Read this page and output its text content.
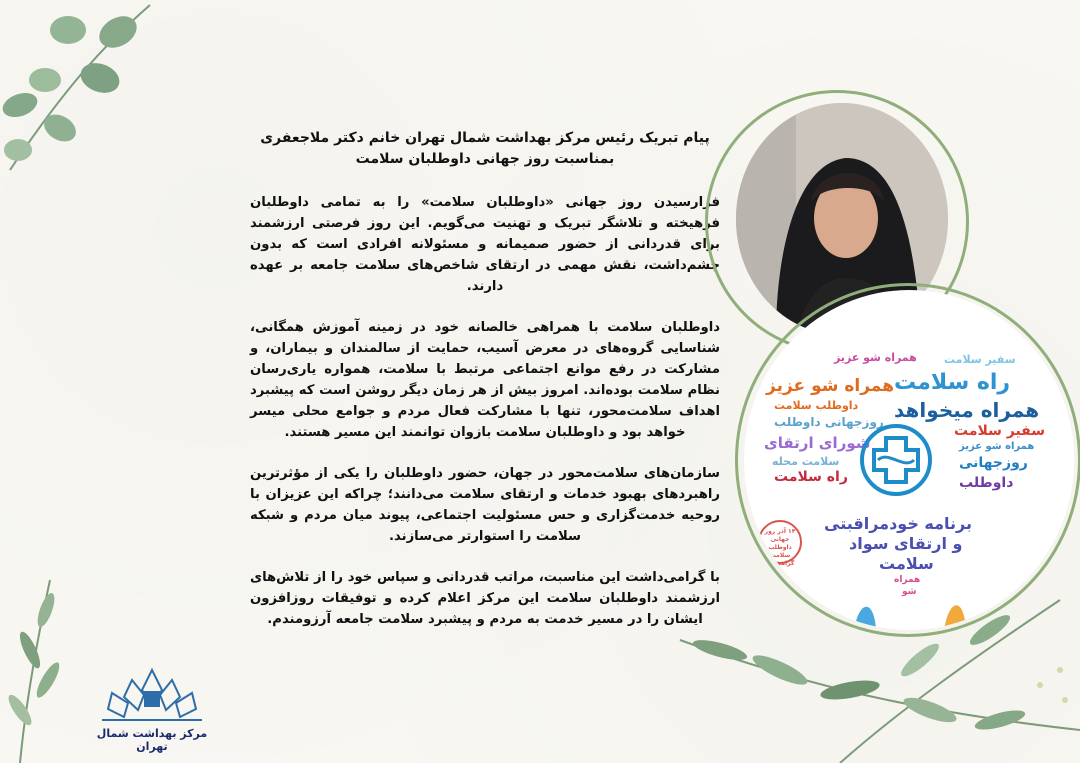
پیام تبریک رئیس مرکز بهداشت شمال تهران خانم دکتر ملاجعفری

بمناسبت روز جهانی داوطلبان سلامت

فرارسیدن روز جهانی «داوطلبان سلامت» را به تمامی داوطلبان فرهیخته و تلاشگر تبریک و تهنیت می‌گویم. این روز فرصتی ارزشمند برای قدردانی از حضور صمیمانه و مسئولانه افرادی است که بدون چشم‌داشت، نقش مهمی در ارتقای شاخص‌های سلامت جامعه بر عهده دارند.

داوطلبان سلامت با همراهی خالصانه خود در زمینه آموزش همگانی، شناسایی گروه‌های در معرض آسیب، حمایت از سالمندان و بیماران، و مشارکت در رفع موانع اجتماعی مرتبط با سلامت، همواره یاری‌رسان نظام سلامت بوده‌اند. امروز بیش از هر زمان دیگر روشن است که پیشبرد اهداف سلامت‌محور، تنها با مشارکت فعال مردم و جوامع محلی میسر خواهد بود و داوطلبان سلامت بازوان توانمند این مسیر هستند.

سازمان‌های سلامت‌محور در جهان، حضور داوطلبان را یکی از مؤثرترین راهبردهای بهبود خدمات و ارتقای سلامت می‌دانند؛ چراکه این عزیزان با روحیه خدمت‌گزاری و حس مسئولیت اجتماعی، پیوند میان مردم و شبکه سلامت را استوارتر می‌سازند.

با گرامی‌داشت این مناسبت، مراتب قدردانی و سپاس خود را از تلاش‌های ارزشمند داوطلبان سلامت این مرکز اعلام کرده و توفیقات روزافزون ایشان را در مسیر خدمت به مردم و پیشبرد سلامت جامعه آرزومندم.

سفیر سلامت
همراه شو عزیز
راه سلامت
همراه شو عزیز
همراه میخواهد
داوطلب سلامت
روزجهانی داوطلب
سفیر سلامت
شورای ارتقای
سلامت محله
راه سلامت
همراه شو عزیز
روزجهانی
داوطلب
برنامه خودمراقبتی
و ارتقای سواد
سلامت
همراه
شو
۱۴ آذر روز جهانی داوطلب سلامت گرامی باد
مرکز بهداشت شمال تهران
